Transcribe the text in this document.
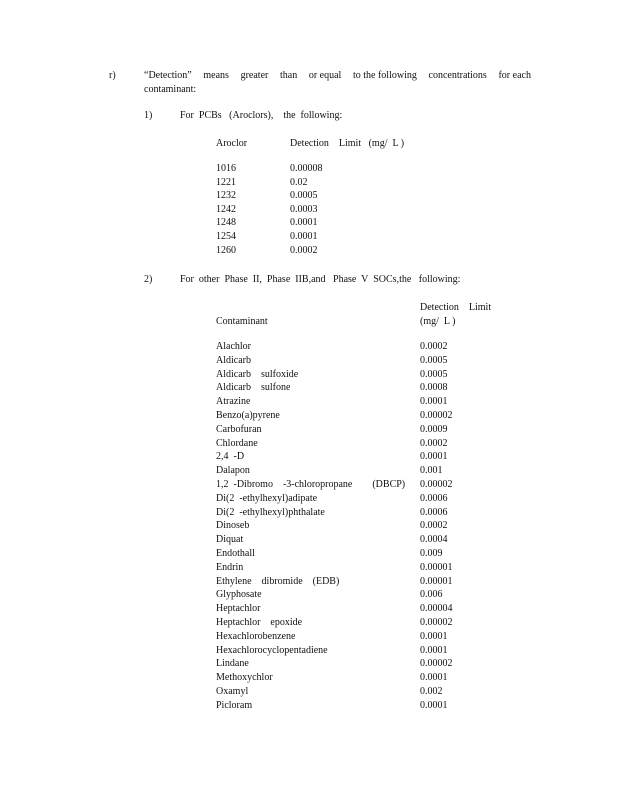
r)	“Detection” means greater than or equal to the following concentrations for each
contaminant:
1)	For  PCBs   (Aroclors),    the  following:
Aroclor	Detection    Limit   (mg/  L )
1016	0.00008
1221	0.02
1232	0.0005
1242	0.0003
1248	0.0001
1254	0.0001
1260	0.0002
2)	For  other  Phase  II,  Phase  IIB,and   Phase  V  SOCs,the   following:
Detection    Limit
Contaminant	(mg/  L )
Alachlor	0.0002
Aldicarb	0.0005
Aldicarb    sulfoxide	0.0005
Aldicarb    sulfone	0.0008
Atrazine	0.0001
Benzo(a)pyrene	0.00002
Carbofuran	0.0009
Chlordane	0.0002
2,4  -D	0.0001
Dalapon	0.001
1,2  -Dibromo    -3-chloropropane        (DBCP) 0.00002
Di(2  -ethylhexyl)adipate	0.0006
Di(2  -ethylhexyl)phthalate	0.0006
Dinoseb	0.0002
Diquat	0.0004
Endothall	0.009
Endrin	0.00001
Ethylene    dibromide    (EDB)	0.00001
Glyphosate	0.006
Heptachlor	0.00004
Heptachlor    epoxide	0.00002
Hexachlorobenzene	0.0001
Hexachlorocyclopentadiene	0.0001
Lindane	0.00002
Methoxychlor	0.0001
Oxamyl	0.002
Picloram	0.0001
